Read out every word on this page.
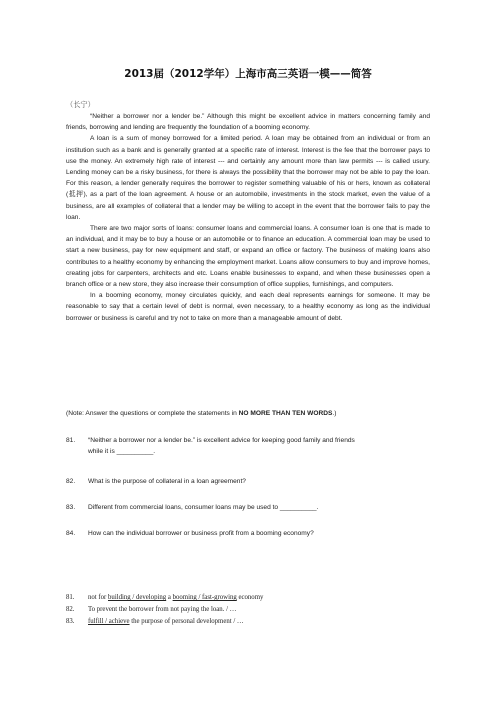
2013届（2012学年）上海市高三英语一模——简答
（长宁）

“Neither a borrower nor a lender be.” Although this might be excellent advice in matters concerning family and friends, borrowing and lending are frequently the foundation of a booming economy.

A loan is a sum of money borrowed for a limited period. A loan may be obtained from an individual or from an institution such as a bank and is generally granted at a specific rate of interest. Interest is the fee that the borrower pays to use the money. An extremely high rate of interest --- and certainly any amount more than law permits --- is called usury. Lending money can be a risky business, for there is always the possibility that the borrower may not be able to pay the loan. For this reason, a lender generally requires the borrower to register something valuable of his or hers, known as collateral (抵押), as a part of the loan agreement. A house or an automobile, investments in the stock market, even the value of a business, are all examples of collateral that a lender may be willing to accept in the event that the borrower fails to pay the loan.

There are two major sorts of loans: consumer loans and commercial loans. A consumer loan is one that is made to an individual, and it may be to buy a house or an automobile or to finance an education. A commercial loan may be used to start a new business, pay for new equipment and staff, or expand an office or factory. The business of making loans also contributes to a healthy economy by enhancing the employment market. Loans allow consumers to buy and improve homes, creating jobs for carpenters, architects and etc. Loans enable businesses to expand, and when these businesses open a branch office or a new store, they also increase their consumption of office supplies, furnishings, and computers.

In a booming economy, money circulates quickly, and each deal represents earnings for someone. It may be reasonable to say that a certain level of debt is normal, even necessary, to a healthy economy as long as the individual borrower or business is careful and try not to take on more than a manageable amount of debt.

(Note: Answer the questions or complete the statements in NO MORE THAN TEN WORDS.)
81. “Neither a borrower nor a lender be.” is excellent advice for keeping good family and friends
while it is __________.
82. What is the purpose of collateral in a loan agreement?
83. Different from commercial loans, consumer loans may be used to __________.
84. How can the individual borrower or business profit from a booming economy?
81. not for building / developing a booming / fast-growing economy
82. To prevent the borrower from not paying the loan. / …
83. fulfill / achieve the purpose of personal development / …
